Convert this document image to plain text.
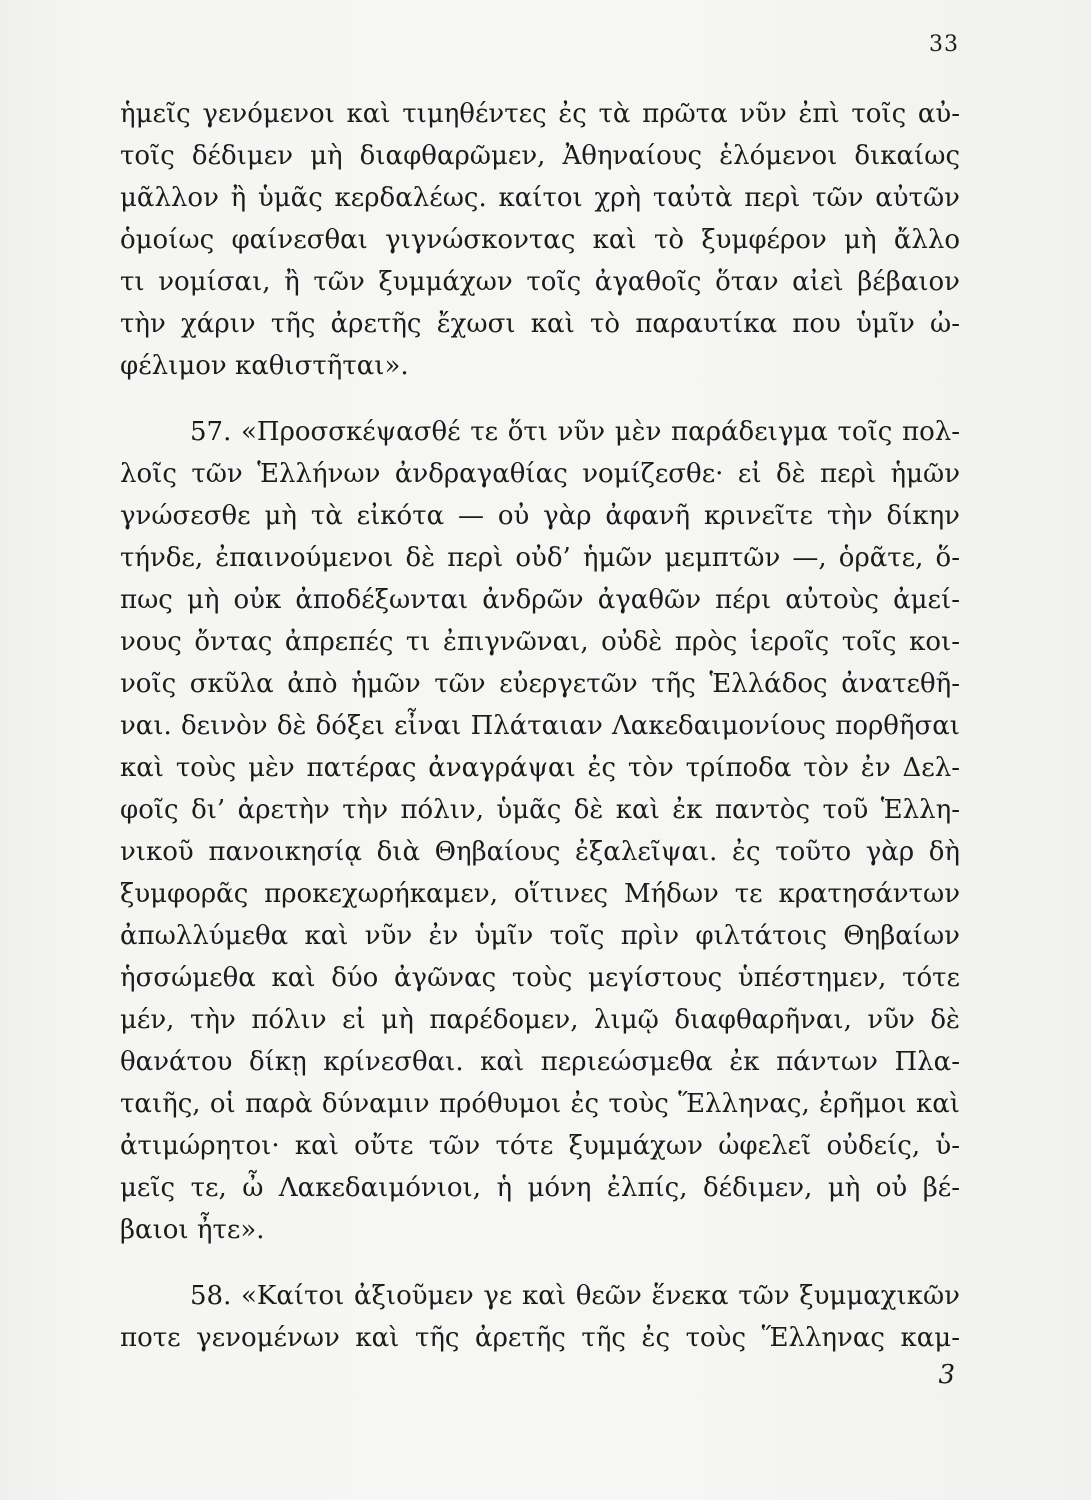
33
ἡμεῖς γενόμενοι καὶ τιμηθέντες ἐς τὰ πρῶτα νῦν ἐπὶ τοῖς αὐ-
τοῖς δέδιμεν μὴ διαφθαρῶμεν, Ἀθηναίους ἑλόμενοι δικαίως
μᾶλλον ἢ ὑμᾶς κερδαλέως. καίτοι χρὴ ταὐτὰ περὶ τῶν αὐτῶν
ὁμοίως φαίνεσθαι γιγνώσκοντας καὶ τὸ ξυμφέρον μὴ ἄλλο
τι νομίσαι, ἢ τῶν ξυμμάχων τοῖς ἀγαθοῖς ὅταν αἰεὶ βέβαιον
τὴν χάριν τῆς ἀρετῆς ἔχωσι καὶ τὸ παραυτίκα που ὑμῖν ὠ-
φέλιμον καθιστῆται».
57. «Προσσκέψασθέ τε ὅτι νῦν μὲν παράδειγμα τοῖς πολ-
λοῖς τῶν Ἑλλήνων ἀνδραγαθίας νομίζεσθε· εἰ δὲ περὶ ἡμῶν
γνώσεσθε μὴ τὰ εἰκότα — οὐ γὰρ ἀφανῆ κρινεῖτε τὴν δίκην
τήνδε, ἐπαινούμενοι δὲ περὶ οὐδ’ ἡμῶν μεμπτῶν —, ὁρᾶτε, ὅ-
πως μὴ οὐκ ἀποδέξωνται ἀνδρῶν ἀγαθῶν πέρι αὐτοὺς ἀμεί-
νους ὄντας ἀπρεπές τι ἐπιγνῶναι, οὐδὲ πρὸς ἱεροῖς τοῖς κοι-
νοῖς σκῦλα ἀπὸ ἡμῶν τῶν εὐεργετῶν τῆς Ἑλλάδος ἀνατεθῆ-
ναι. δεινὸν δὲ δόξει εἶναι Πλάταιαν Λακεδαιμονίους πορθῆσαι
καὶ τοὺς μὲν πατέρας ἀναγράψαι ἐς τὸν τρίποδα τὸν ἐν Δελ-
φοῖς δι’ ἀρετὴν τὴν πόλιν, ὑμᾶς δὲ καὶ ἐκ παντὸς τοῦ Ἑλλη-
νικοῦ πανοικησίᾳ διὰ Θηβαίους ἐξαλεῖψαι. ἐς τοῦτο γὰρ δὴ
ξυμφορᾶς προκεχωρήκαμεν, οἵτινες Μήδων τε κρατησάντων
ἀπωλλύμεθα καὶ νῦν ἐν ὑμῖν τοῖς πρὶν φιλτάτοις Θηβαίων
ἡσσώμεθα καὶ δύο ἀγῶνας τοὺς μεγίστους ὑπέστημεν, τότε
μέν, τὴν πόλιν εἰ μὴ παρέδομεν, λιμῷ διαφθαρῆναι, νῦν δὲ
θανάτου δίκῃ κρίνεσθαι. καὶ περιεώσμεθα ἐκ πάντων Πλα-
ταιῆς, οἱ παρὰ δύναμιν πρόθυμοι ἐς τοὺς Ἕλληνας, ἐρῆμοι καὶ
ἀτιμώρητοι· καὶ οὔτε τῶν τότε ξυμμάχων ὠφελεῖ οὐδείς, ὑ-
μεῖς τε, ὦ Λακεδαιμόνιοι, ἡ μόνη ἐλπίς, δέδιμεν, μὴ οὐ βέ-
βαιοι ἦτε».
58. «Καίτοι ἀξιοῦμεν γε καὶ θεῶν ἕνεκα τῶν ξυμμαχικῶν
ποτε γενομένων καὶ τῆς ἀρετῆς τῆς ἐς τοὺς Ἕλληνας καμ-
3
